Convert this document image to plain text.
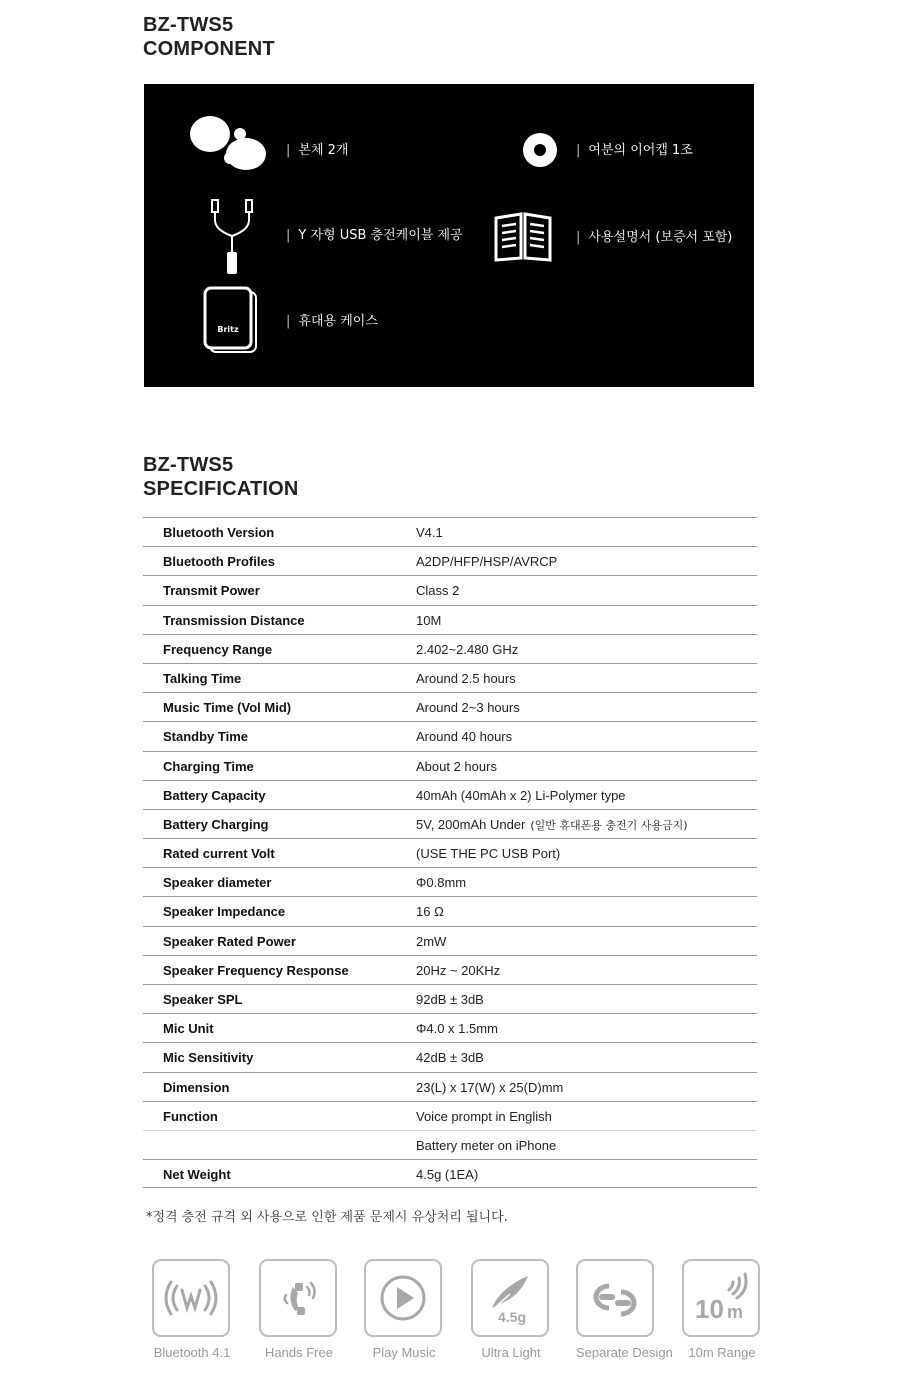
BZ-TWS5
COMPONENT
| 본체 2개	| 여분의 이어캡 1조
| Y 자형 USB 충전케이블 제공	| 사용설명서 (보증서 포함)
Britz
| 휴대용 케이스
BZ-TWS5
SPECIFICATION
Bluetooth Version	V4.1
Bluetooth Profiles	A2DP/HFP/HSP/AVRCP
Transmit Power	Class 2
Transmission Distance	10M
Frequency Range	2.402~2.480 GHz
Talking Time	Around 2.5 hours
Music Time (Vol Mid)	Around 2~3 hours
Standby Time	Around 40 hours
Charging Time	About 2 hours
Battery Capacity	40mAh (40mAh x 2) Li-Polymer type
Battery Charging	5V, 200mAh Under (일반 휴대폰용 충전기 사용금지)
Rated current Volt	(USE THE PC USB Port)
Speaker diameter	Φ0.8mm
Speaker Impedance	16 Ω
Speaker Rated Power	2mW
Speaker Frequency Response	20Hz ~ 20KHz
Speaker SPL	92dB ± 3dB
Mic Unit	Φ4.0 x 1.5mm
Mic Sensitivity	42dB ± 3dB
Dimension	23(L) x 17(W) x 25(D)mm
Function	Voice prompt in English
Battery meter on iPhone
Net Weight	4.5g (1EA)
*정격 충전 규격 외 사용으로 인한 제품 문제시 유상처리 됩니다.
Bluetooth 4.1	Hands Free	Play Music
4.5g
Ultra Light	Separate Design
10 m
10m Range
